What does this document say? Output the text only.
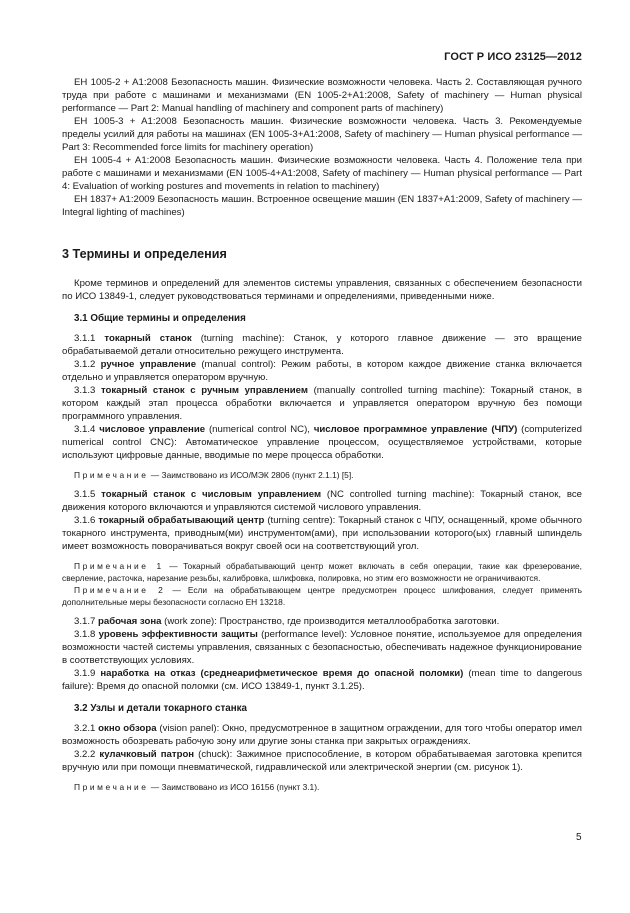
ГОСТ Р ИСО 23125—2012

EH 1005-2 + A1:2008 Безопасность машин. Физические возможности человека. Часть 2. Составляющая ручного труда при работе с машинами и механизмами (EN 1005-2+A1:2008, Safety of machinery — Human physical performance — Part 2: Manual handling of machinery and component parts of machinery)

EH 1005-3 + A1:2008 Безопасность машин. Физические возможности человека. Часть 3. Рекомендуемые пределы усилий для работы на машинах (EN 1005-3+A1:2008, Safety of machinery — Human physical performance — Part 3: Recommended force limits for machinery operation)

EH 1005-4 + A1:2008 Безопасность машин. Физические возможности человека. Часть 4. Положение тела при работе с машинами и механизмами (EN 1005-4+A1:2008, Safety of machinery — Human physical performance — Part 4: Evaluation of working postures and movements in relation to machinery)

EH 1837+ A1:2009 Безопасность машин. Встроенное освещение машин (EN 1837+A1:2009, Safety of machinery — Integral lighting of machines)

3 Термины и определения

Кроме терминов и определений для элементов системы управления, связанных с обеспечением безопасности по ИСО 13849-1, следует руководствоваться терминами и определениями, приведенными ниже.

3.1 Общие термины и определения

3.1.1 токарный станок (turning machine): Станок, у которого главное движение — это вращение обрабатываемой детали относительно режущего инструмента.

3.1.2 ручное управление (manual control): Режим работы, в котором каждое движение станка включается отдельно и управляется оператором вручную.

3.1.3 токарный станок с ручным управлением (manually controlled turning machine): Токарный станок, в котором каждый этап процесса обработки включается и управляется оператором вручную без помощи программного управления.

3.1.4 числовое управление (numerical control NC), числовое программное управление (ЧПУ) (computerized numerical control CNC): Автоматическое управление процессом, осуществляемое устройствами, которые используют цифровые данные, вводимые по мере процесса обработки.

Примечание — Заимствовано из ИСО/МЭК 2806 (пункт 2.1.1) [5].

3.1.5 токарный станок с числовым управлением (NC controlled turning machine): Токарный станок, все движения которого включаются и управляются системой числового управления.

3.1.6 токарный обрабатывающий центр (turning centre): Токарный станок с ЧПУ, оснащенный, кроме обычного токарного инструмента, приводным(ми) инструментом(ами), при использовании которого(ых) главный шпиндель имеет возможность поворачиваться вокруг своей оси на соответствующий угол.

Примечание 1 — Токарный обрабатывающий центр может включать в себя операции, такие как фрезерование, сверление, расточка, нарезание резьбы, калибровка, шлифовка, полировка, но этим его возможности не ограничиваются.

Примечание 2 — Если на обрабатывающем центре предусмотрен процесс шлифования, следует применять дополнительные меры безопасности согласно EH 13218.

3.1.7 рабочая зона (work zone): Пространство, где производится металлообработка заготовки.

3.1.8 уровень эффективности защиты (performance level): Условное понятие, используемое для определения возможности частей системы управления, связанных с безопасностью, обеспечивать надежное функционирование в соответствующих условиях.

3.1.9 наработка на отказ (среднеарифметическое время до опасной поломки) (mean time to dangerous failure): Время до опасной поломки (см. ИСО 13849-1, пункт 3.1.25).

3.2 Узлы и детали токарного станка

3.2.1 окно обзора (vision panel): Окно, предусмотренное в защитном ограждении, для того чтобы оператор имел возможность обозревать рабочую зону или другие зоны станка при закрытых ограждениях.

3.2.2 кулачковый патрон (chuck): Зажимное приспособление, в котором обрабатываемая заготовка крепится вручную или при помощи пневматической, гидравлической или электрической энергии (см. рисунок 1).

Примечание — Заимствовано из ИСО 16156 (пункт 3.1).

5
